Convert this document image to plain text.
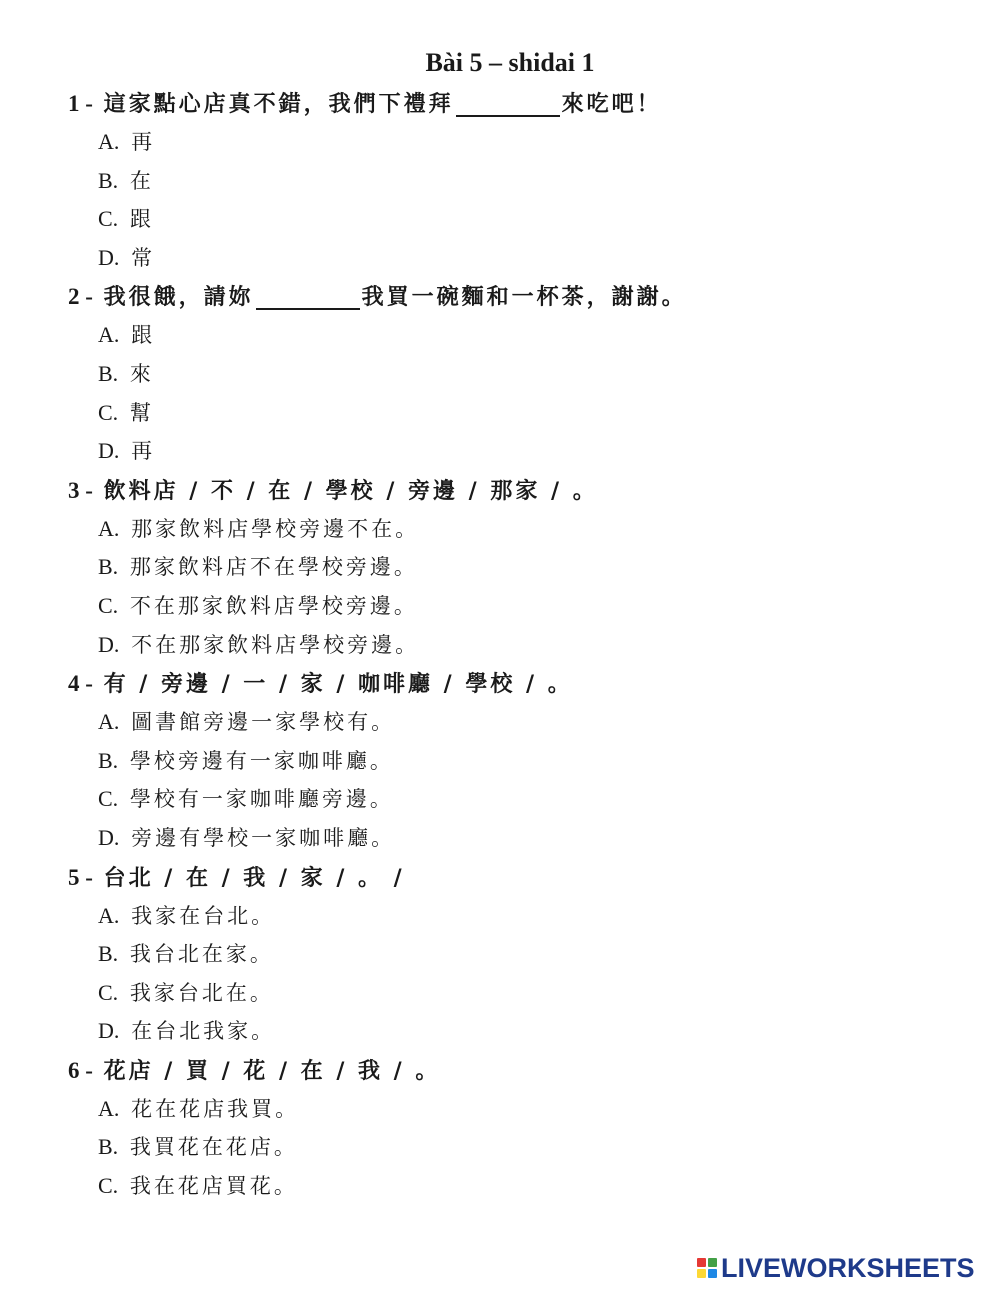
Bài 5 – shidai 1
1 - 這家點心店真不錯，我們下禮拜	來吃吧！
A. 再
B. 在
C. 跟
D. 常
2 - 我很餓，請妳	我買一碗麵和一杯茶，謝謝。
A. 跟
B. 來
C. 幫
D. 再
3 - 飲料店 / 不 / 在 / 學校 / 旁邊 / 那家 / 。
A. 那家飲料店學校旁邊不在。
B. 那家飲料店不在學校旁邊。
C. 不在那家飲料店學校旁邊。
D. 不在那家飲料店學校旁邊。
4 - 有 / 旁邊 / 一 / 家 / 咖啡廳 / 學校 / 。
A. 圖書館旁邊一家學校有。
B. 學校旁邊有一家咖啡廳。
C. 學校有一家咖啡廳旁邊。
D. 旁邊有學校一家咖啡廳。
5 - 台北 / 在 / 我 / 家 / 。 /
A. 我家在台北。
B. 我台北在家。
C. 我家台北在。
D. 在台北我家。
6 - 花店 / 買 / 花 / 在 / 我 / 。
A. 花在花店我買。
B. 我買花在花店。
C. 我在花店買花。
LIVEWORKSHEETS
